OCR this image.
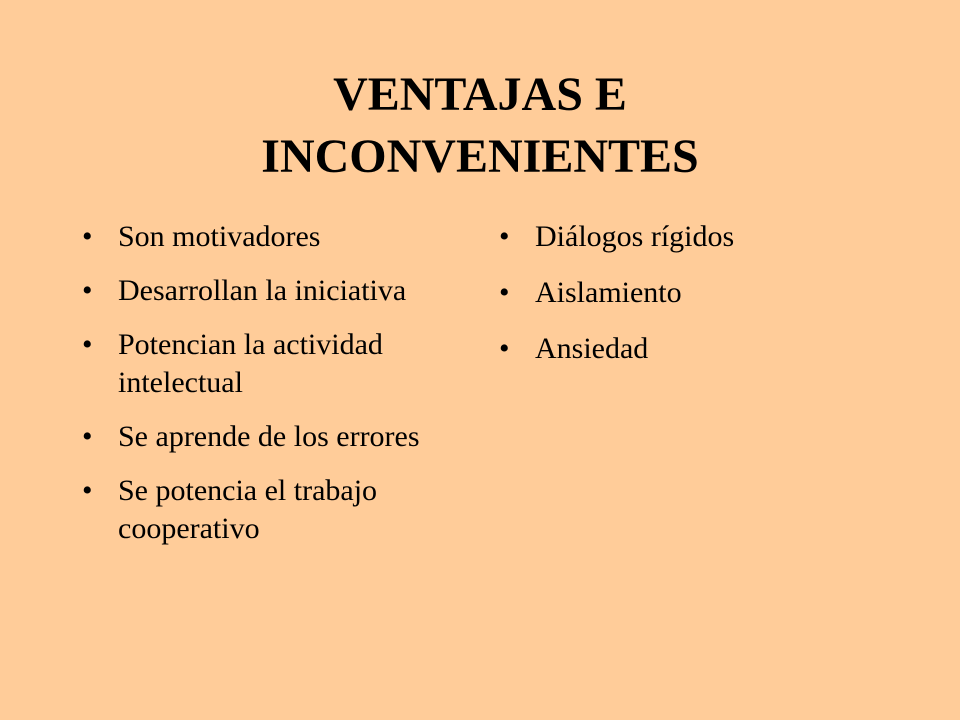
VENTAJAS E
INCONVENIENTES
• Son motivadores
• Desarrollan la iniciativa
• Potencian la actividad intelectual
• Se aprende de los errores
• Se potencia el trabajo cooperativo
• Diálogos rígidos
• Aislamiento
• Ansiedad
